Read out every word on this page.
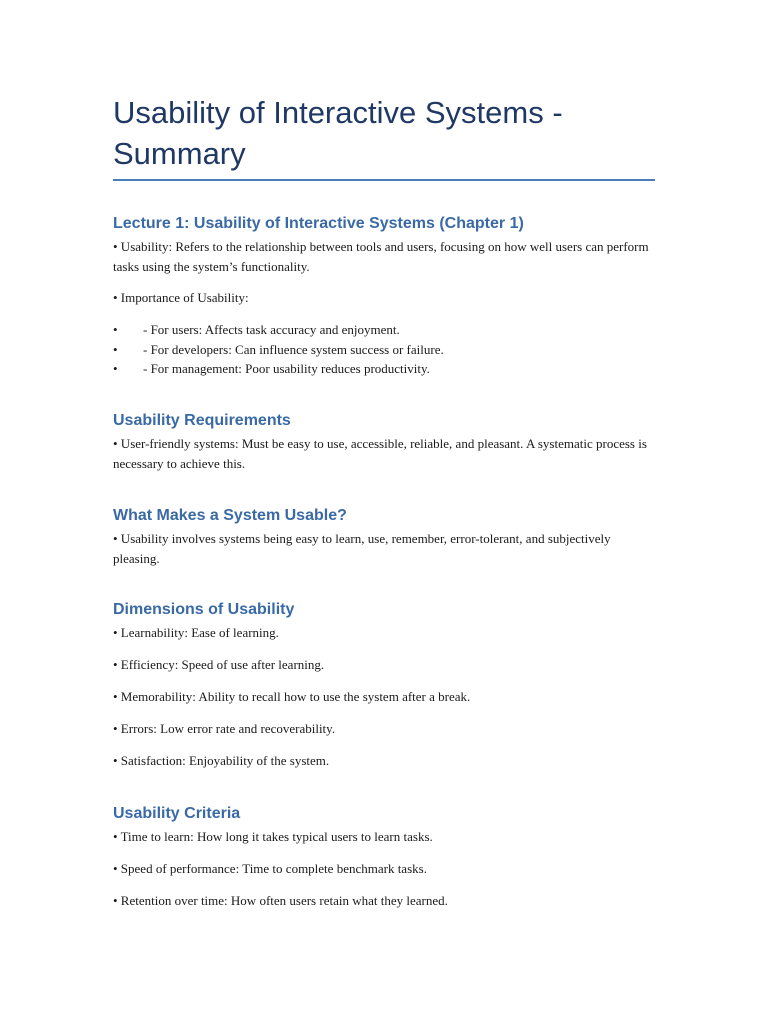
Usability of Interactive Systems - Summary
Lecture 1: Usability of Interactive Systems (Chapter 1)

• Usability: Refers to the relationship between tools and users, focusing on how well users can perform tasks using the system’s functionality.

• Importance of Usability:

• - For users: Affects task accuracy and enjoyment.
• - For developers: Can influence system success or failure.
• - For management: Poor usability reduces productivity.
Usability Requirements

• User-friendly systems: Must be easy to use, accessible, reliable, and pleasant. A systematic process is necessary to achieve this.

What Makes a System Usable?

• Usability involves systems being easy to learn, use, remember, error-tolerant, and subjectively pleasing.

Dimensions of Usability

• Learnability: Ease of learning.

• Efficiency: Speed of use after learning.

• Memorability: Ability to recall how to use the system after a break.

• Errors: Low error rate and recoverability.

• Satisfaction: Enjoyability of the system.

Usability Criteria

• Time to learn: How long it takes typical users to learn tasks.

• Speed of performance: Time to complete benchmark tasks.

• Retention over time: How often users retain what they learned.
